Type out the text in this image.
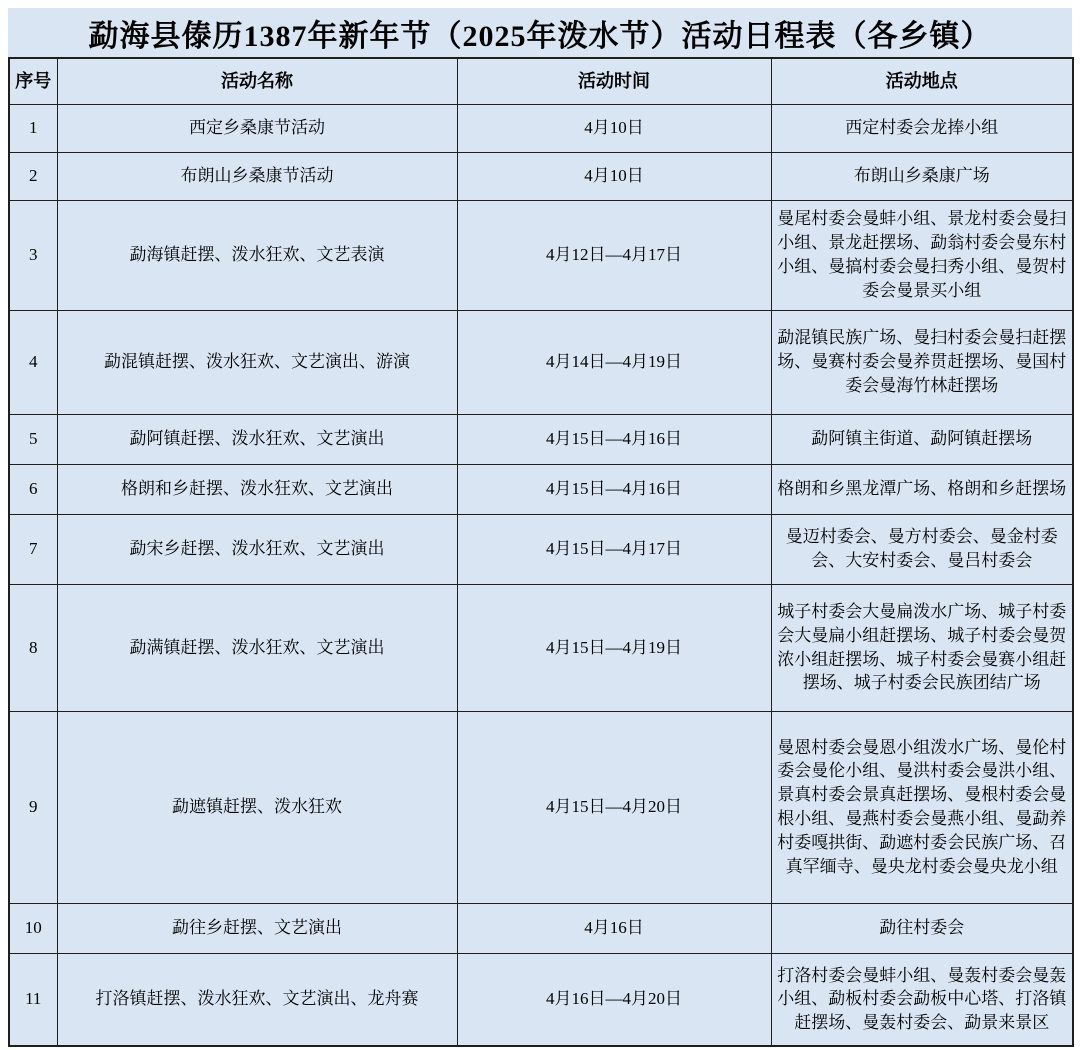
勐海县傣历1387年新年节（2025年泼水节）活动日程表（各乡镇）
序号	活动名称	活动时间	活动地点
1	西定乡桑康节活动	4月10日	西定村委会龙捧小组
2	布朗山乡桑康节活动	4月10日	布朗山乡桑康广场
3	勐海镇赶摆、泼水狂欢、文艺表演	4月12日—4月17日	曼尾村委会曼蚌小组、景龙村委会曼扫小组、景龙赶摆场、勐翁村委会曼东村小组、曼搞村委会曼扫秀小组、曼贺村委会曼景买小组
4	勐混镇赶摆、泼水狂欢、文艺演出、游演	4月14日—4月19日	勐混镇民族广场、曼扫村委会曼扫赶摆场、曼赛村委会曼养贯赶摆场、曼国村委会曼海竹林赶摆场
5	勐阿镇赶摆、泼水狂欢、文艺演出	4月15日—4月16日	勐阿镇主街道、勐阿镇赶摆场
6	格朗和乡赶摆、泼水狂欢、文艺演出	4月15日—4月16日	格朗和乡黑龙潭广场、格朗和乡赶摆场
7	勐宋乡赶摆、泼水狂欢、文艺演出	4月15日—4月17日	曼迈村委会、曼方村委会、曼金村委会、大安村委会、曼吕村委会
8	勐满镇赶摆、泼水狂欢、文艺演出	4月15日—4月19日	城子村委会大曼扁泼水广场、城子村委会大曼扁小组赶摆场、城子村委会曼贺浓小组赶摆场、城子村委会曼赛小组赶摆场、城子村委会民族团结广场
9	勐遮镇赶摆、泼水狂欢	4月15日—4月20日	曼恩村委会曼恩小组泼水广场、曼伦村委会曼伦小组、曼洪村委会曼洪小组、景真村委会景真赶摆场、曼根村委会曼根小组、曼燕村委会曼燕小组、曼勐养村委嘎拱街、勐遮村委会民族广场、召真罕缅寺、曼央龙村委会曼央龙小组
10	勐往乡赶摆、文艺演出	4月16日	勐往村委会
11	打洛镇赶摆、泼水狂欢、文艺演出、龙舟赛	4月16日—4月20日	打洛村委会曼蚌小组、曼轰村委会曼轰小组、勐板村委会勐板中心塔、打洛镇赶摆场、曼轰村委会、勐景来景区
